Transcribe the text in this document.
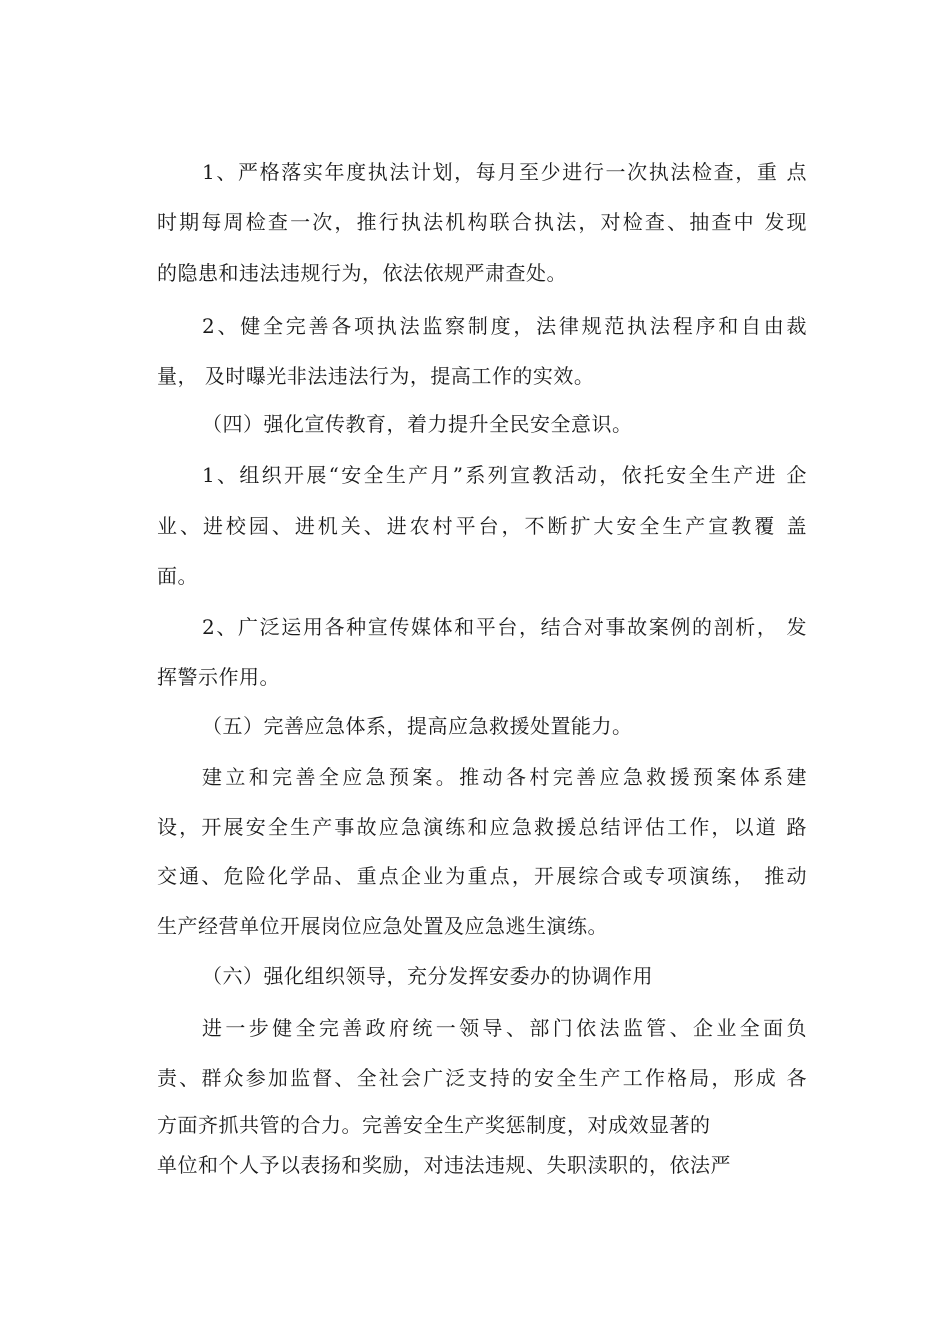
1、严格落实年度执法计划，每月至少进行一次执法检查，重 点
时期每周检查一次，推行执法机构联合执法，对检查、抽查中 发现
的隐患和违法违规行为，依法依规严肃查处。
2、健全完善各项执法监察制度，法律规范执法程序和自由裁
量， 及时曝光非法违法行为，提高工作的实效。
（四）强化宣传教育，着力提升全民安全意识。
1、组织开展“安全生产月”系列宣教活动，依托安全生产进 企
业、进校园、进机关、进农村平台，不断扩大安全生产宣教覆 盖
面。
2、广泛运用各种宣传媒体和平台，结合对事故案例的剖析， 发
挥警示作用。
（五）完善应急体系，提高应急救援处置能力。
建立和完善全应急预案。推动各村完善应急救援预案体系建
设，开展安全生产事故应急演练和应急救援总结评估工作，以道 路
交通、危险化学品、重点企业为重点，开展综合或专项演练， 推动
生产经营单位开展岗位应急处置及应急逃生演练。
（六）强化组织领导，充分发挥安委办的协调作用
进一步健全完善政府统一领导、部门依法监管、企业全面负
责、群众参加监督、全社会广泛支持的安全生产工作格局，形成 各
方面齐抓共管的合力。完善安全生产奖惩制度，对成效显著的
单位和个人予以表扬和奖励，对违法违规、失职渎职的，依法严
